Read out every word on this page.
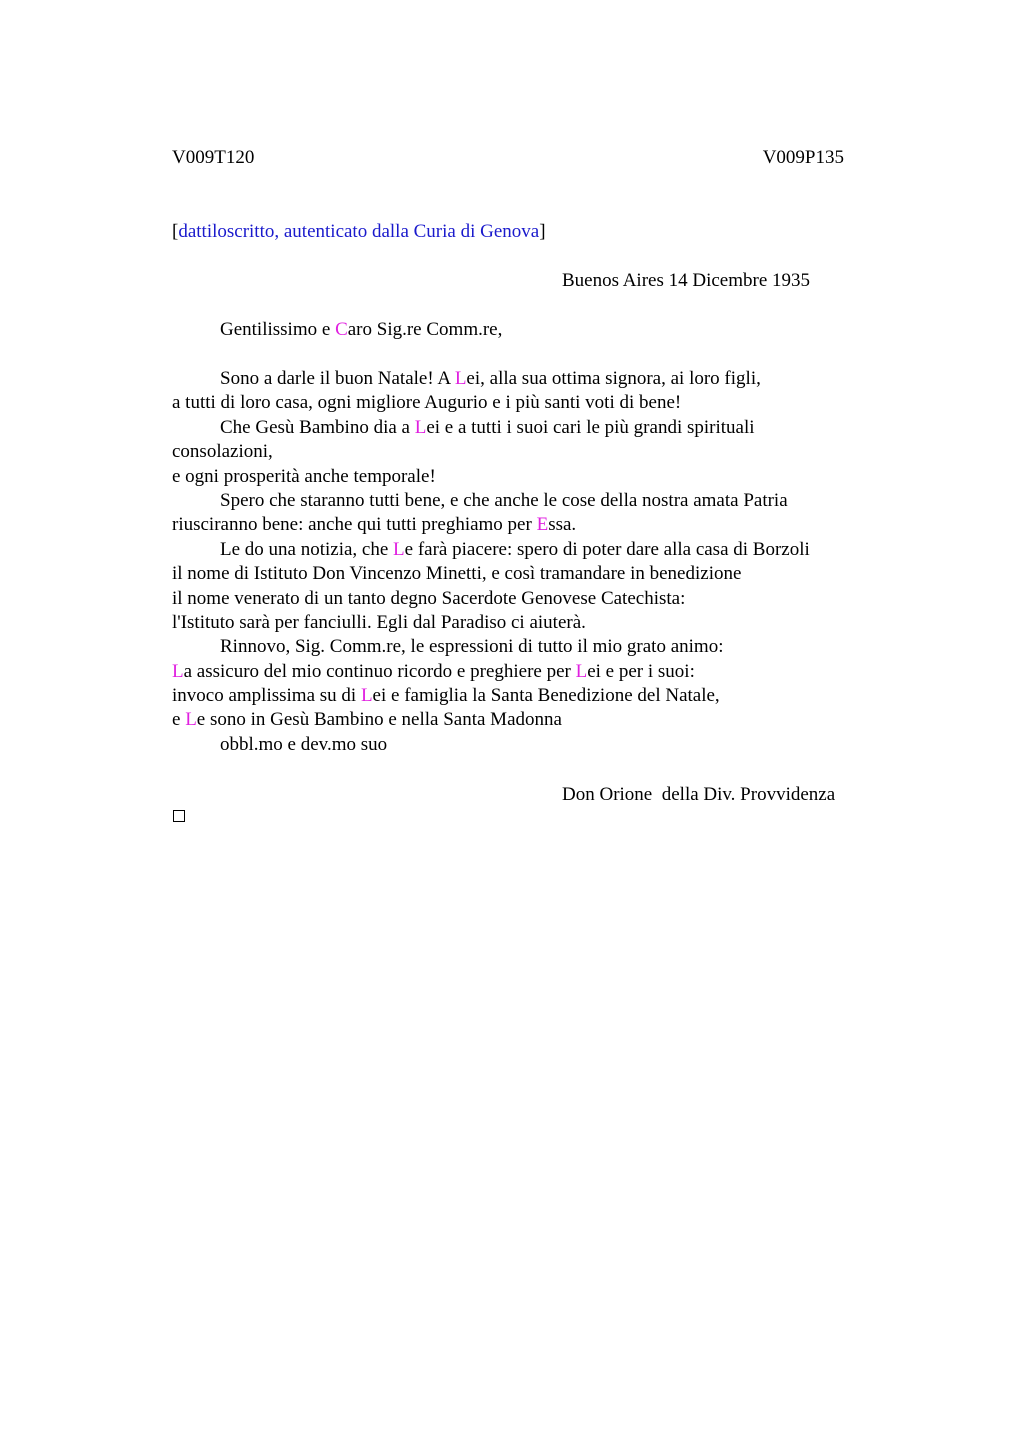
V009T120	V009P135
[dattiloscritto, autenticato dalla Curia di Genova]
Buenos Aires 14 Dicembre 1935
Gentilissimo e Caro Sig.re Comm.re,
Sono a darle il buon Natale! A Lei, alla sua ottima signora, ai loro figli,
a tutti di loro casa, ogni migliore Augurio e i più santi voti di bene!
Che Gesù Bambino dia a Lei e a tutti i suoi cari le più grandi spirituali
consolazioni,
e ogni prosperità anche temporale!
Spero che staranno tutti bene, e che anche le cose della nostra amata Patria
riusciranno bene: anche qui tutti preghiamo per Essa.
Le do una notizia, che Le farà piacere: spero di poter dare alla casa di Borzoli
il nome di Istituto Don Vincenzo Minetti, e così tramandare in benedizione
il nome venerato di un tanto degno Sacerdote Genovese Catechista:
l'Istituto sarà per fanciulli. Egli dal Paradiso ci aiuterà.
Rinnovo, Sig. Comm.re, le espressioni di tutto il mio grato animo:
La assicuro del mio continuo ricordo e preghiere per Lei e per i suoi:
invoco amplissima su di Lei e famiglia la Santa Benedizione del Natale,
e Le sono in Gesù Bambino e nella Santa Madonna
obbl.mo e dev.mo suo
Don Orione  della Div. Provvidenza
